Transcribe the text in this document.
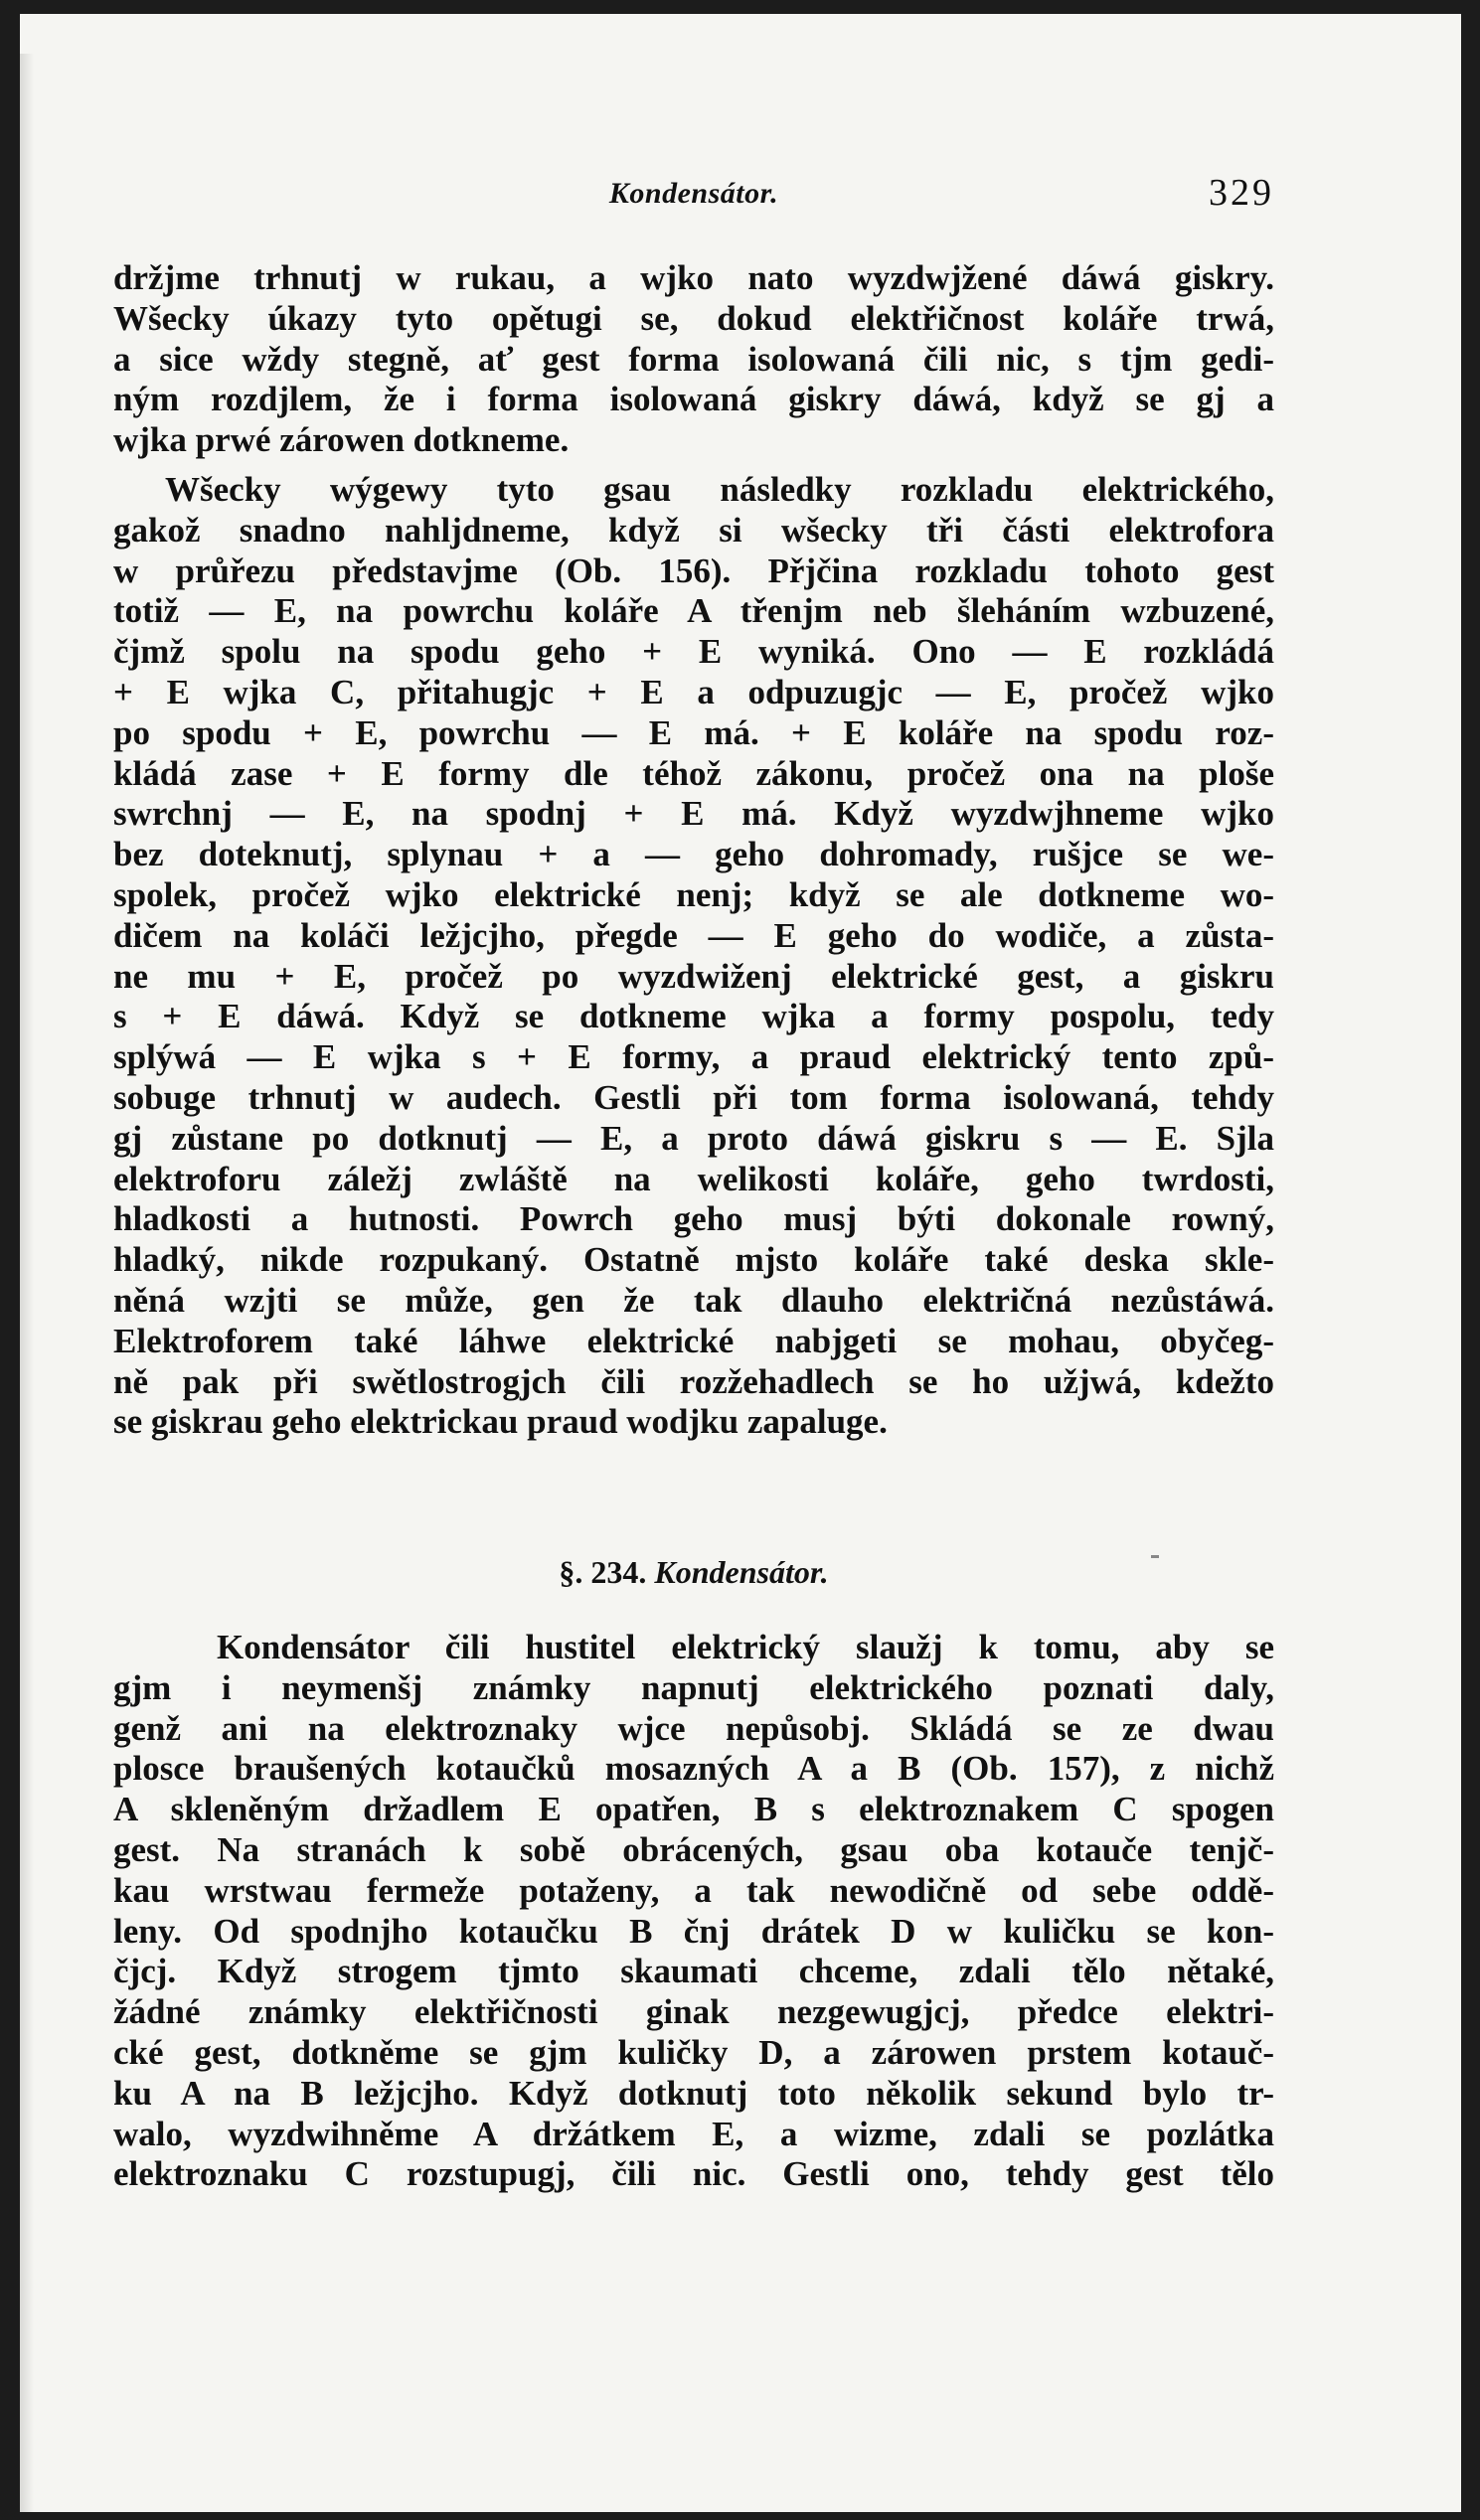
Kondensátor.	329

držjme trhnutj w rukau, a wjko nato wyzdwjžené dáwá giskry.
Wšecky úkazy tyto opětugi se, dokud elektřičnost koláře trwá,
a sice wždy stegně, ať gest forma isolowaná čili nic, s tjm gedi-
ným rozdjlem, že i forma isolowaná giskry dáwá, když se gj a
wjka prwé zárowen dotkneme.

Wšecky wýgewy tyto gsau následky rozkladu elektrického,
gakož snadno nahljdneme, když si wšecky tři části elektrofora
w průřezu představjme (Ob. 156). Přjčina rozkladu tohoto gest
totiž — E, na powrchu koláře A třenjm neb šleháním wzbuzené,
čjmž spolu na spodu geho + E wyniká. Ono — E rozkládá
+ E wjka C, přitahugjc + E a odpuzugjc — E, pročež wjko
po spodu + E, powrchu — E má. + E koláře na spodu roz-
kládá zase + E formy dle téhož zákonu, pročež ona na ploše
swrchnj — E, na spodnj + E má. Když wyzdwjhneme wjko
bez doteknutj, splynau + a — geho dohromady, rušjce se we-
spolek, pročež wjko elektrické nenj; když se ale dotkneme wo-
dičem na koláči ležjcjho, přegde — E geho do wodiče, a zůsta-
ne mu + E, pročež po wyzdwiženj elektrické gest, a giskru
s + E dáwá. Když se dotkneme wjka a formy pospolu, tedy
splýwá — E wjka s + E formy, a praud elektrický tento způ-
sobuge trhnutj w audech. Gestli při tom forma isolowaná, tehdy
gj zůstane po dotknutj — E, a proto dáwá giskru s — E. Sjla
elektroforu záležj zwláště na welikosti koláře, geho twrdosti,
hladkosti a hutnosti. Powrch geho musj býti dokonale rowný,
hladký, nikde rozpukaný. Ostatně mjsto koláře také deska skle-
něná wzjti se může, gen že tak dlauho električná nezůstáwá.
Elektroforem také láhwe elektrické nabjgeti se mohau, obyčeg-
ně pak při swětlostrogjch čili rozžehadlech se ho užjwá, kdežto
se giskrau geho elektrickau praud wodjku zapaluge.

§. 234. Kondensátor.

Kondensátor čili hustitel elektrický slaužj k tomu, aby se
gjm i neymenšj známky napnutj elektrického poznati daly,
genž ani na elektroznaky wjce nepůsobj. Skládá se ze dwau
plosce braušených kotaučků mosazných A a B (Ob. 157), z nichž
A skleněným držadlem E opatřen, B s elektroznakem C spogen
gest. Na stranách k sobě obrácených, gsau oba kotauče tenjč-
kau wrstwau fermeže potaženy, a tak newodičně od sebe oddě-
leny. Od spodnjho kotaučku B čnj drátek D w kuličku se kon-
čjcj. Když strogem tjmto skaumati chceme, zdali tělo nětaké,
žádné známky elektřičnosti ginak nezgewugjcj, předce elektri-
cké gest, dotkněme se gjm kuličky D, a zárowen prstem kotauč-
ku A na B ležjcjho. Když dotknutj toto několik sekund bylo tr-
walo, wyzdwihněme A držátkem E, a wizme, zdali se pozlátka
elektroznaku C rozstupugj, čili nic. Gestli ono, tehdy gest tělo
